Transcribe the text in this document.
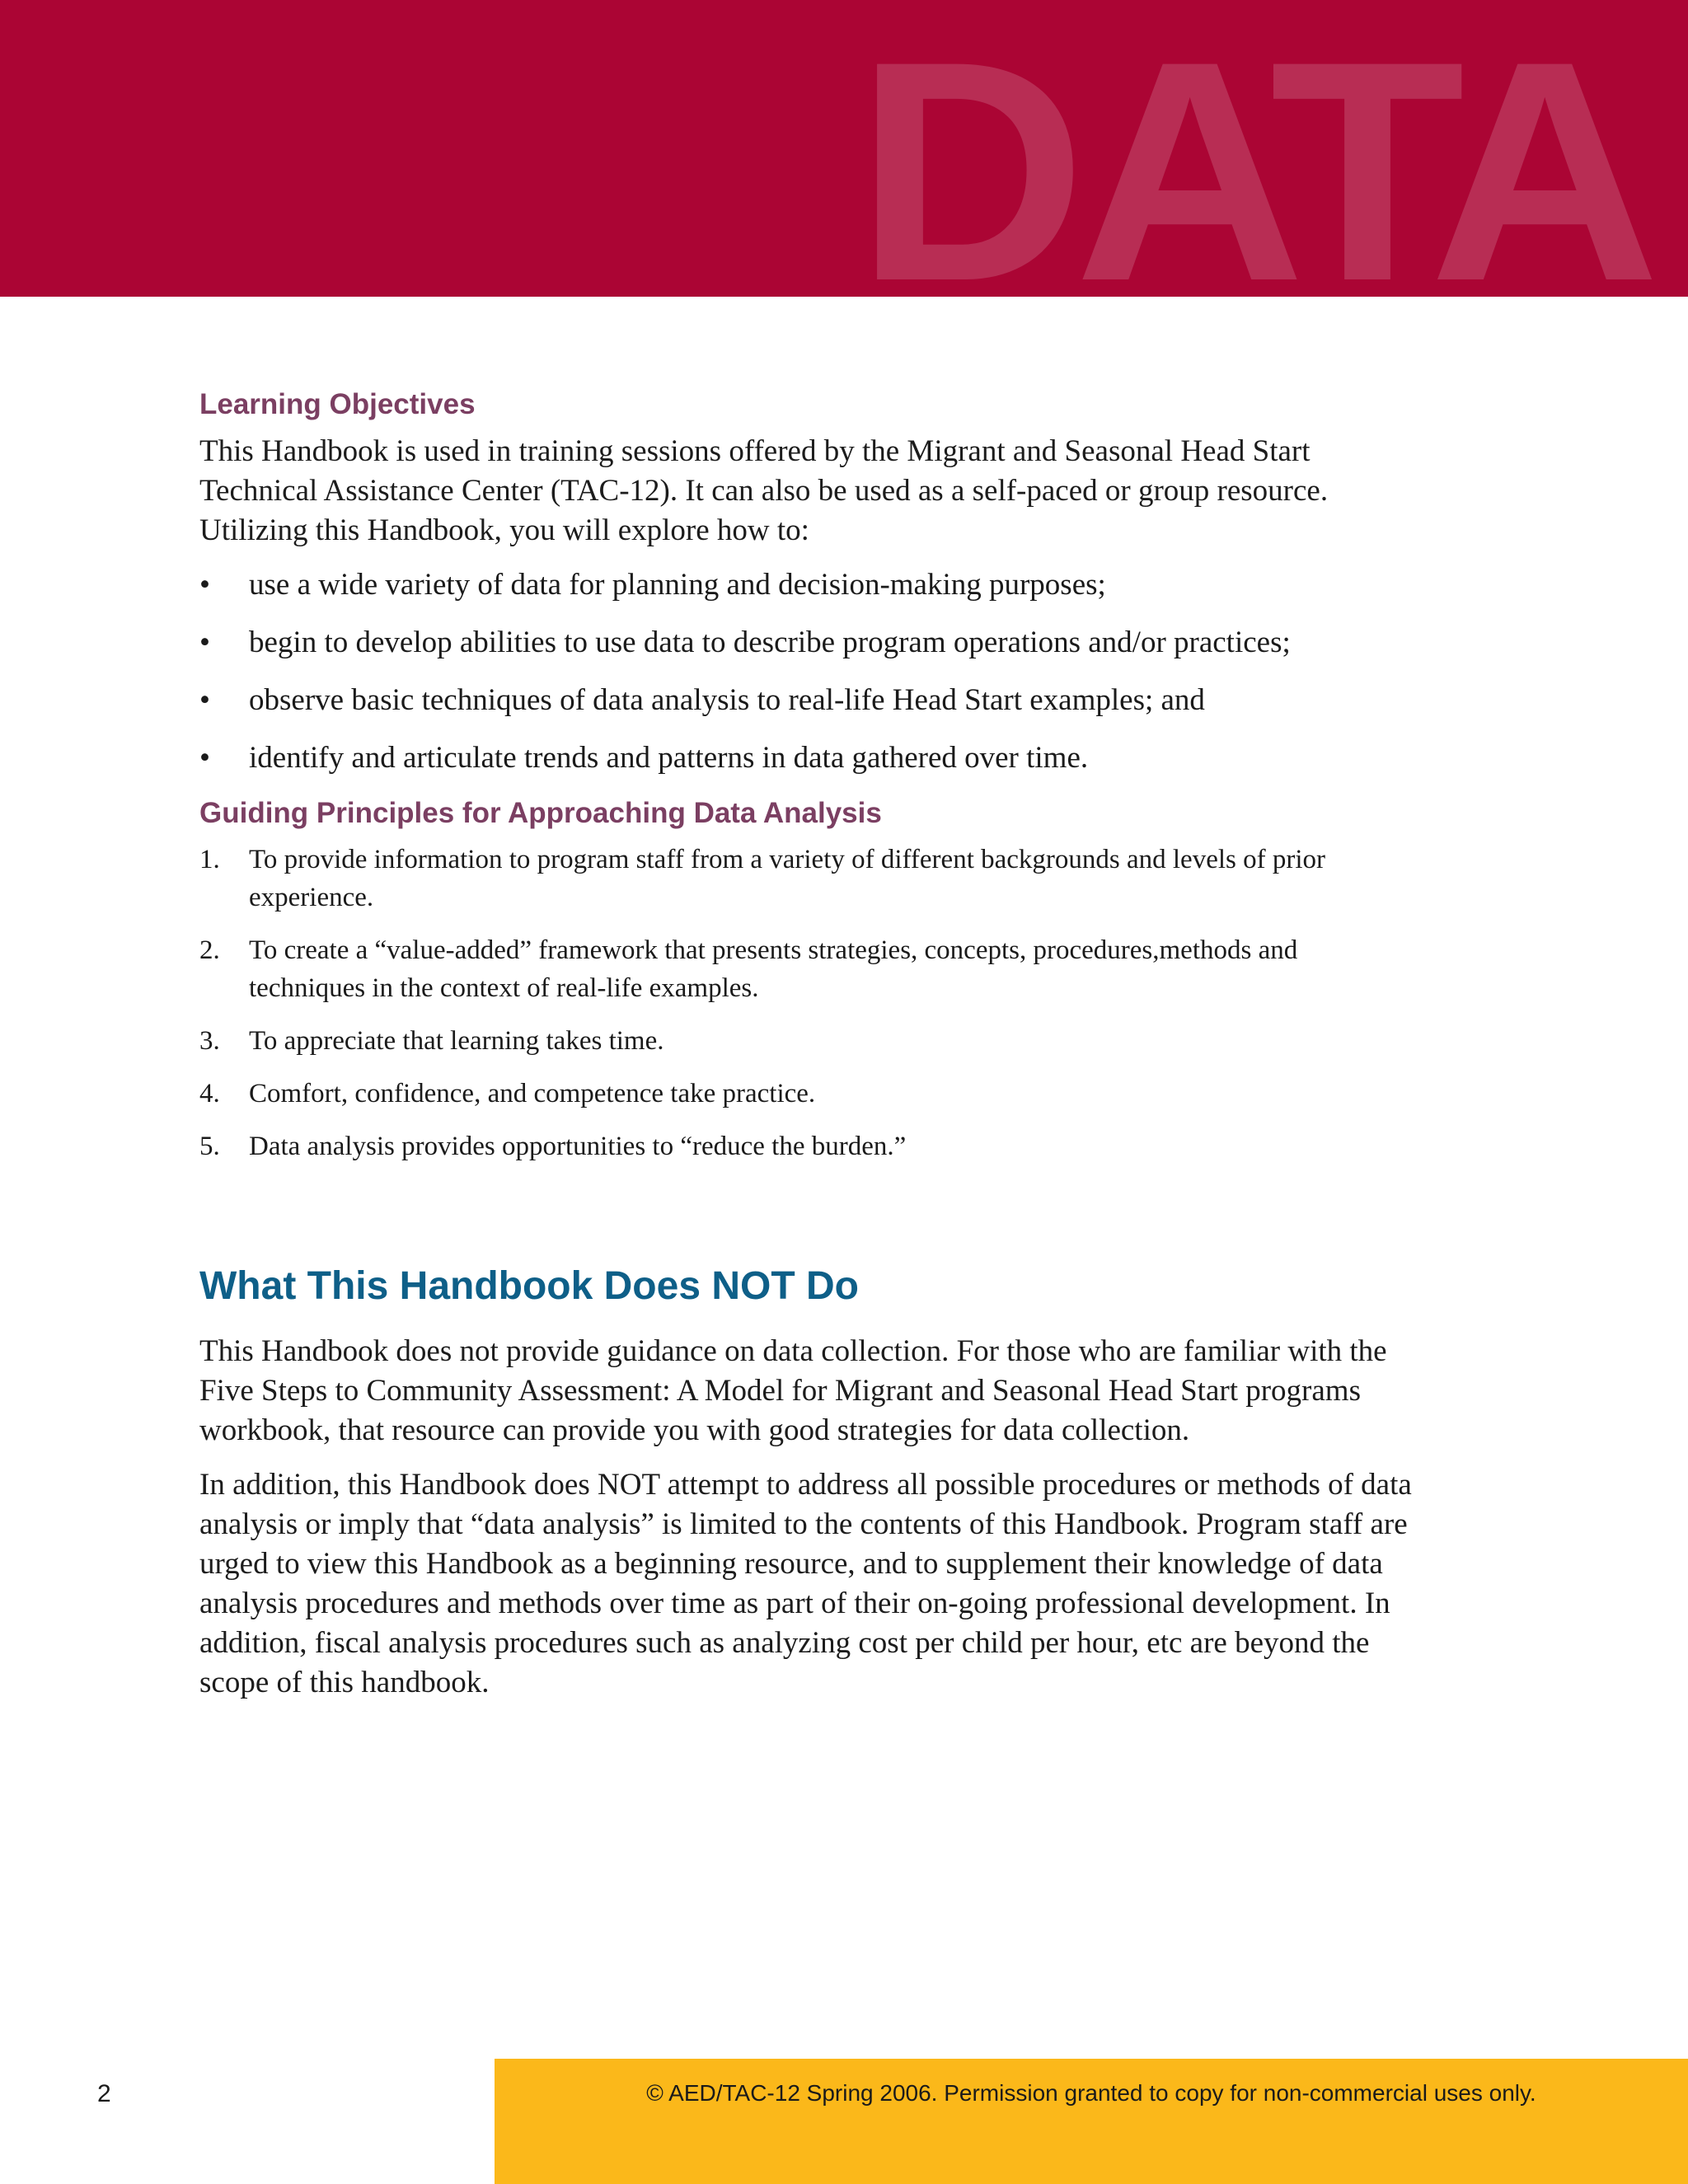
DATA
Learning Objectives

This Handbook is used in training sessions offered by the Migrant and Seasonal Head Start Technical Assistance Center (TAC-12). It can also be used as a self-paced or group resource. Utilizing this Handbook, you will explore how to:

• use a wide variety of data for planning and decision-making purposes;
• begin to develop abilities to use data to describe program operations and/or practices;
• observe basic techniques of data analysis to real-life Head Start examples; and
• identify and articulate trends and patterns in data gathered over time.
Guiding Principles for Approaching Data Analysis
1. To provide information to program staff from a variety of different backgrounds and levels of prior experience.
2. To create a “value-added” framework that presents strategies, concepts, procedures,methods and techniques in the context of real-life examples.
3. To appreciate that learning takes time.
4. Comfort, confidence, and competence take practice.
5. Data analysis provides opportunities to “reduce the burden.”
What This Handbook Does NOT Do

This Handbook does not provide guidance on data collection. For those who are familiar with the Five Steps to Community Assessment: A Model for Migrant and Seasonal Head Start programs workbook, that resource can provide you with good strategies for data collection.

In addition, this Handbook does NOT attempt to address all possible procedures or methods of data analysis or imply that “data analysis” is limited to the contents of this Handbook. Program staff are urged to view this Handbook as a beginning resource, and to supplement their knowledge of data analysis procedures and methods over time as part of their on-going professional development. In addition, fiscal analysis procedures such as analyzing cost per child per hour, etc are beyond the scope of this handbook.

2	© AED/TAC-12 Spring 2006. Permission granted to copy for non-commercial uses only.
